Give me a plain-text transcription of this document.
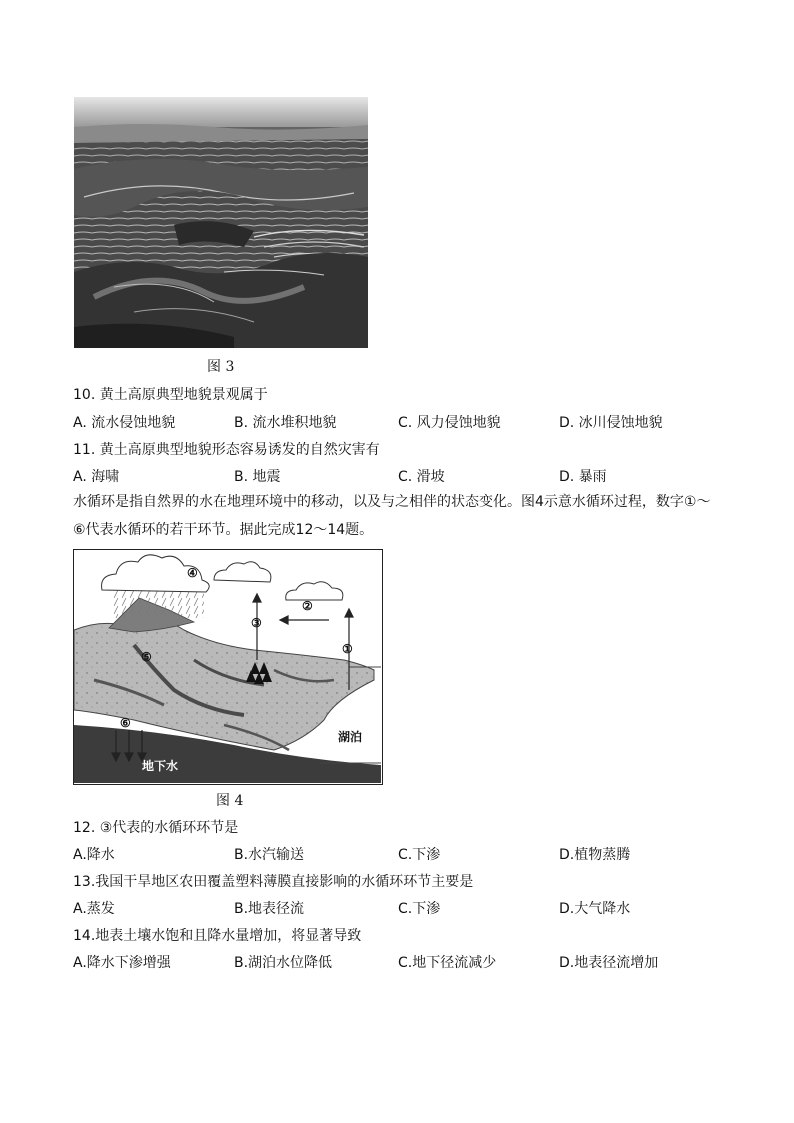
图 3
10. 黄土高原典型地貌景观属于
A. 流水侵蚀地貌	B. 流水堆积地貌	C. 风力侵蚀地貌	D. 冰川侵蚀地貌
11. 黄土高原典型地貌形态容易诱发的自然灾害有
A. 海啸	B. 地震	C. 滑坡	D. 暴雨
水循环是指自然界的水在地理环境中的移动，以及与之相伴的状态变化。图4示意水循环过程，数字①～
⑥代表水循环的若干环节。据此完成12～14题。
④
②
③
①
⑤
⑥
湖泊
地下水
图 4
12. ③代表的水循环环节是
A.降水	B.水汽输送	C.下渗	D.植物蒸腾
13.我国干旱地区农田覆盖塑料薄膜直接影响的水循环环节主要是
A.蒸发	B.地表径流	C.下渗	D.大气降水
14.地表土壤水饱和且降水量增加，将显著导致
A.降水下渗增强	B.湖泊水位降低	C.地下径流减少	D.地表径流增加
